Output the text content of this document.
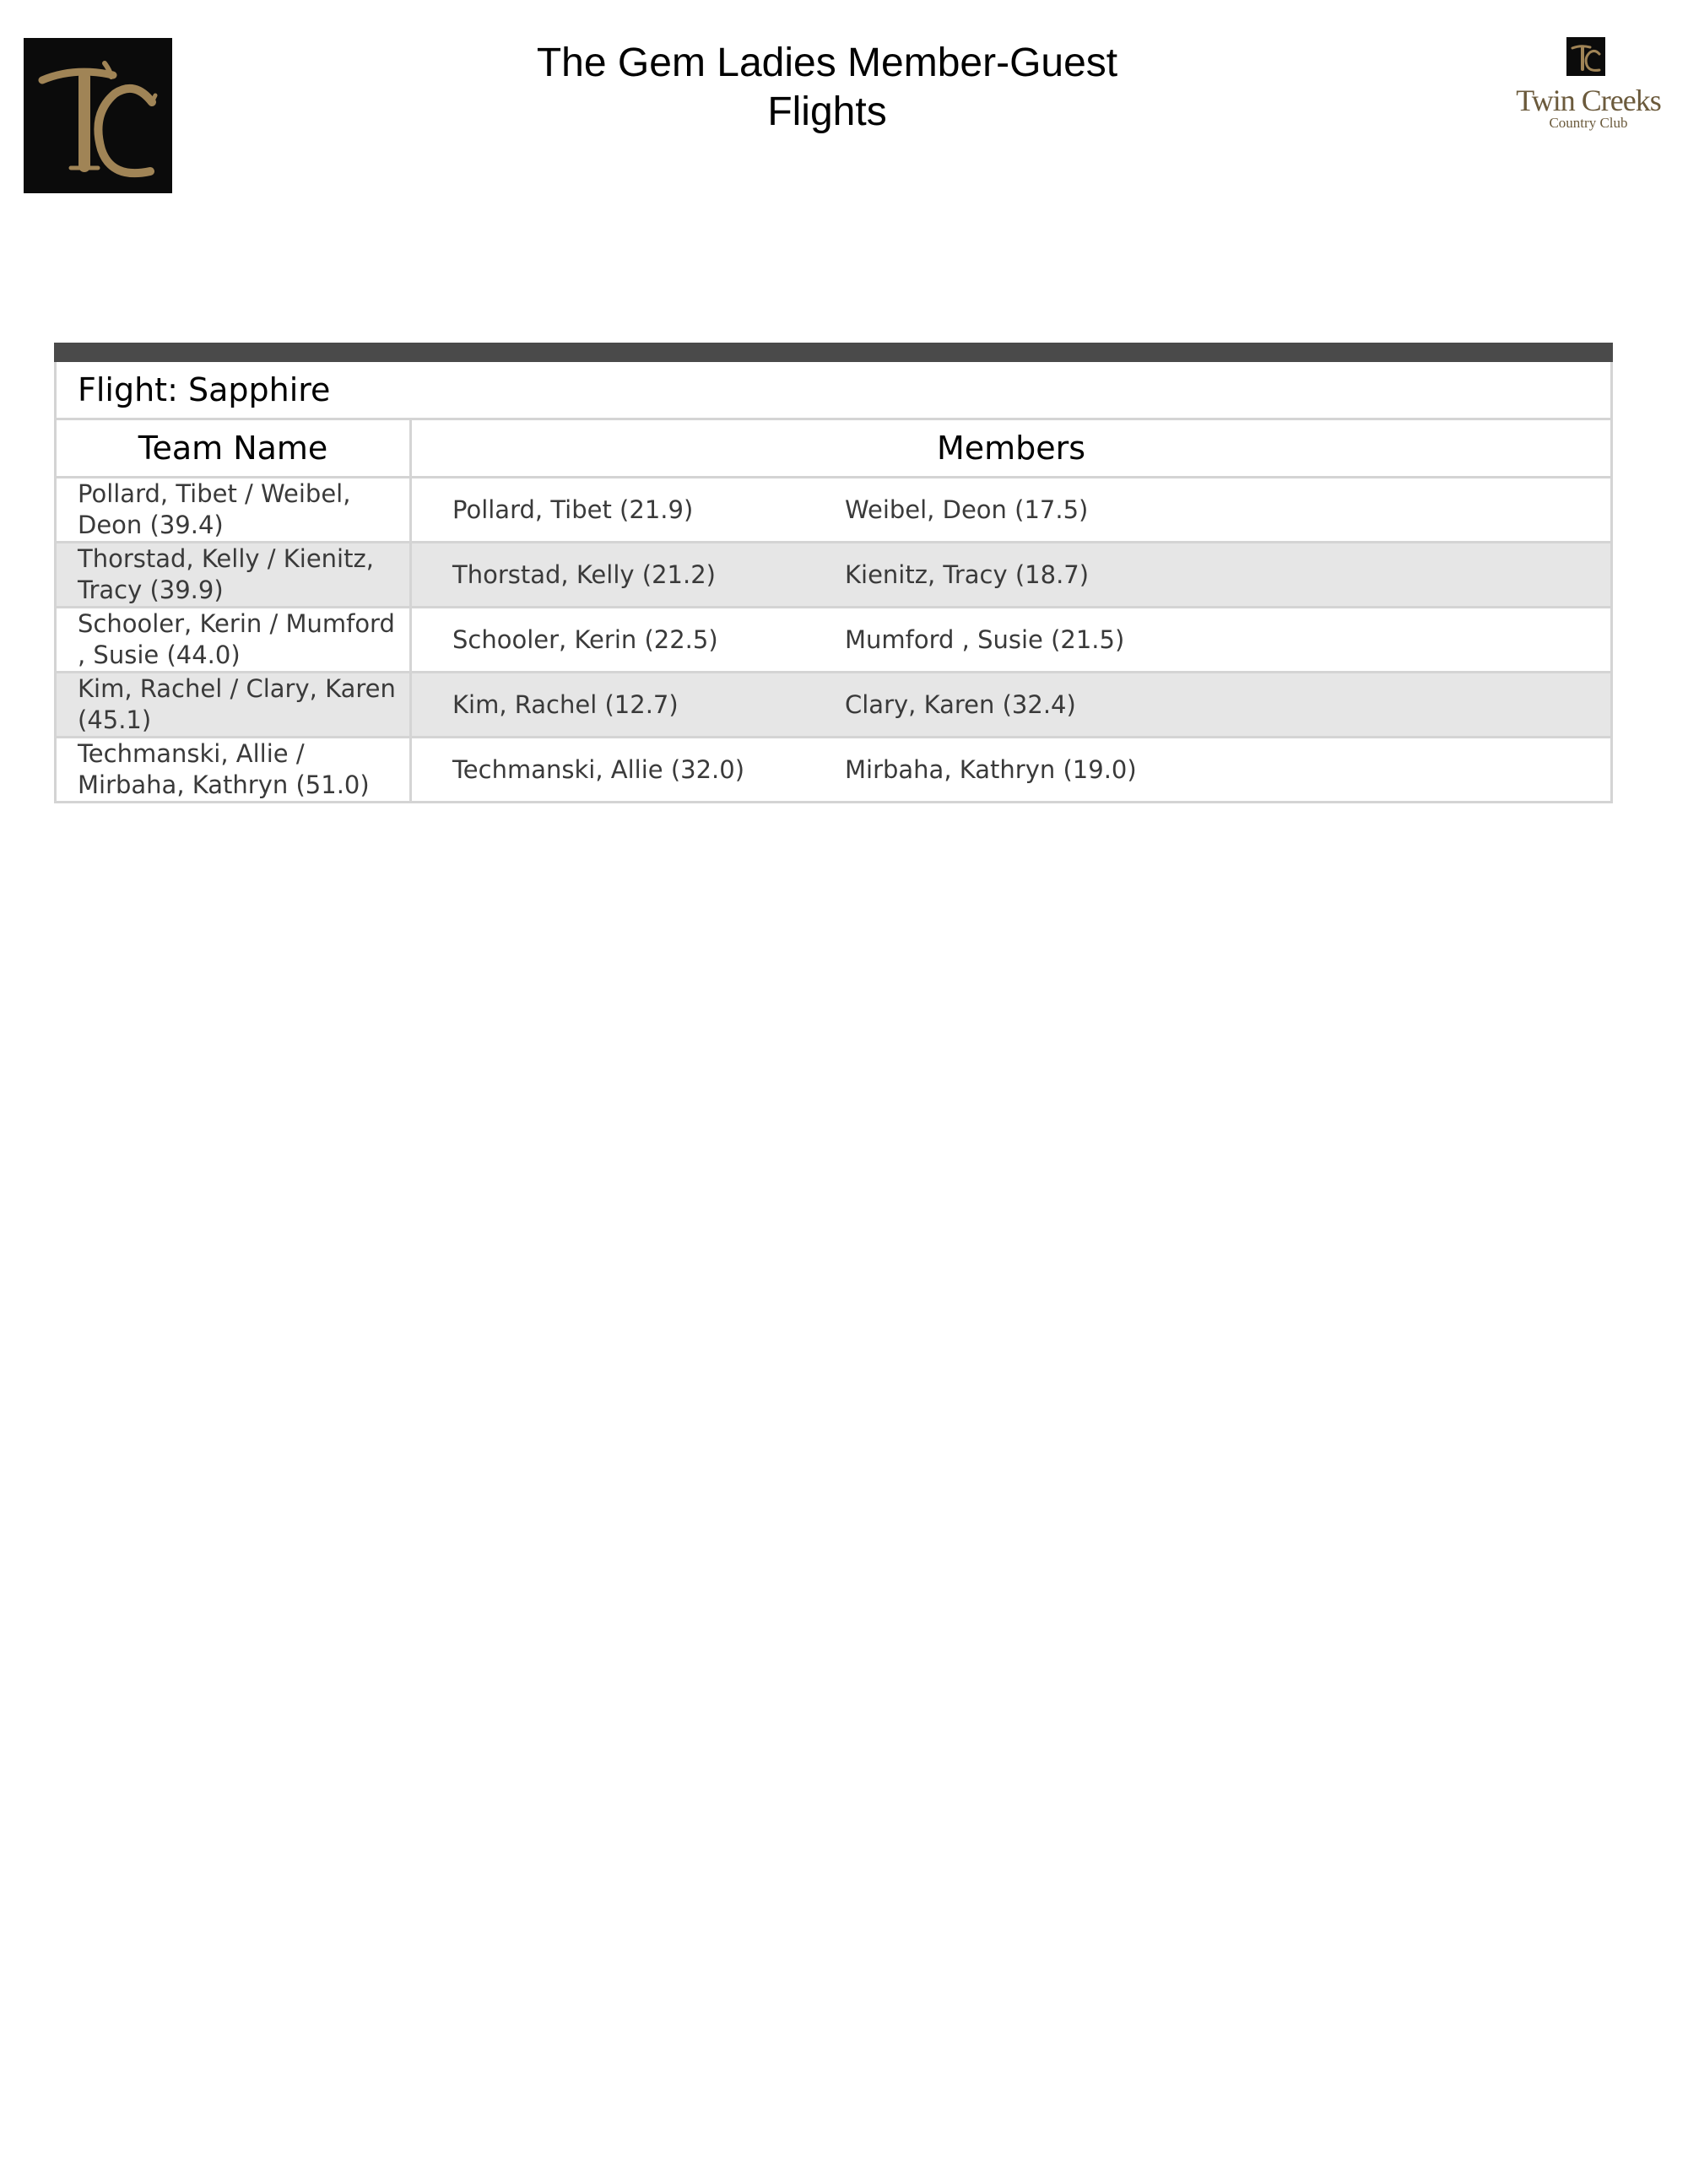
The Gem Ladies Member-Guest
Flights	Twin Creeks
Country Club

Flight: Sapphire	
Team Name	Members
Pollard, Tibet / Weibel, Deon (39.4)	Pollard, Tibet (21.9) Weibel, Deon (17.5)

Thorstad, Kelly / Kienitz, Tracy (39.9)	Thorstad, Kelly (21.2) Kienitz, Tracy (18.7)

Schooler, Kerin / Mumford , Susie (44.0)	Schooler, Kerin (22.5) Mumford , Susie (21.5)

Kim, Rachel / Clary, Karen (45.1)	Kim, Rachel (12.7) Clary, Karen (32.4)

Techmanski, Allie / Mirbaha, Kathryn (51.0)	Techmanski, Allie (32.0) Mirbaha, Kathryn (19.0)
